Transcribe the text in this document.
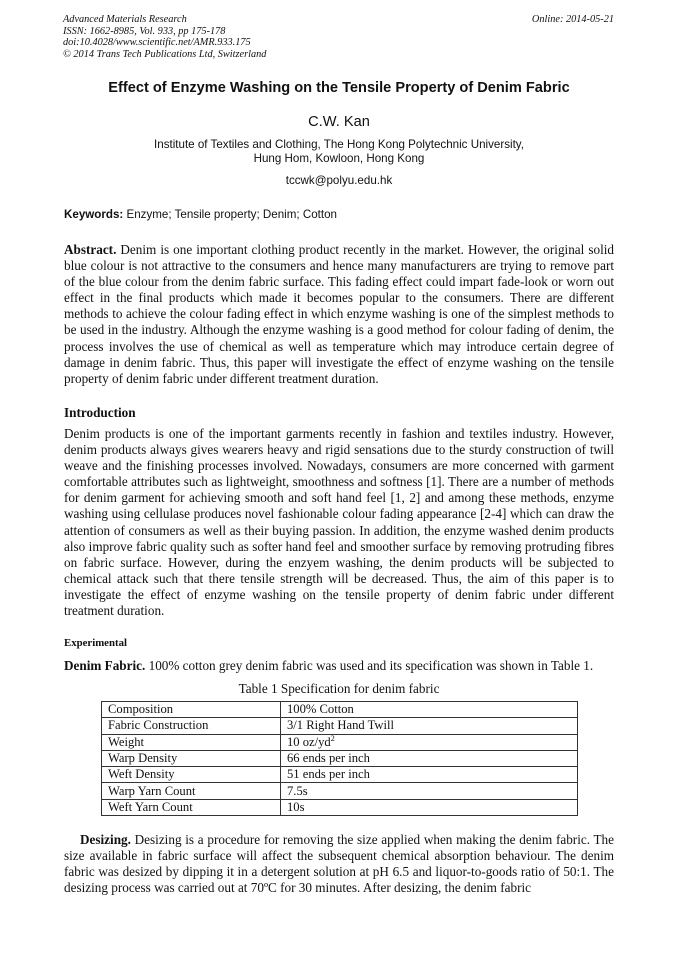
Advanced Materials Research
ISSN: 1662-8985, Vol. 933, pp 175-178
doi:10.4028/www.scientific.net/AMR.933.175
© 2014 Trans Tech Publications Ltd, Switzerland
Online: 2014-05-21
Effect of Enzyme Washing on the Tensile Property of Denim Fabric
C.W. Kan
Institute of Textiles and Clothing, The Hong Kong Polytechnic University,
Hung Hom, Kowloon, Hong Kong
tccwk@polyu.edu.hk
Keywords: Enzyme; Tensile property; Denim; Cotton
Abstract. Denim is one important clothing product recently in the market. However, the original solid blue colour is not attractive to the consumers and hence many manufacturers are trying to remove part of the blue colour from the denim fabric surface. This fading effect could impart fade-look or worn out effect in the final products which made it becomes popular to the consumers. There are different methods to achieve the colour fading effect in which enzyme washing is one of the simplest methods to be used in the industry. Although the enzyme washing is a good method for colour fading of denim, the process involves the use of chemical as well as temperature which may introduce certain degree of damage in denim fabric. Thus, this paper will investigate the effect of enzyme washing on the tensile property of denim fabric under different treatment duration.
Introduction
Denim products is one of the important garments recently in fashion and textiles industry. However, denim products always gives wearers heavy and rigid sensations due to the sturdy construction of twill weave and the finishing processes involved. Nowadays, consumers are more concerned with garment comfortable attributes such as lightweight, smoothness and softness [1]. There are a number of methods for denim garment for achieving smooth and soft hand feel [1, 2] and among these methods, enzyme washing using cellulase produces novel fashionable colour fading appearance [2-4] which can draw the attention of consumers as well as their buying passion. In addition, the enzyme washed denim products also improve fabric quality such as softer hand feel and smoother surface by removing protruding fibres on fabric surface. However, during the enzyem washing, the denim products will be subjected to chemical attack such that there tensile strength will be decreased. Thus, the aim of this paper is to investigate the effect of enzyme washing on the tensile property of denim fabric under different treatment duration.
Experimental
Denim Fabric. 100% cotton grey denim fabric was used and its specification was shown in Table 1.
Table 1 Specification for denim fabric
Composition	100% Cotton
Fabric Construction	3/1 Right Hand Twill
Weight	10 $oz/yd^2$
Warp Density	66 ends per inch
Weft Density	51 ends per inch
Warp Yarn Count	7.5s
Weft Yarn Count	10s
Desizing. Desizing is a procedure for removing the size applied when making the denim fabric. The size available in fabric surface will affect the subsequent chemical absorption behaviour. The denim fabric was desized by dipping it in a detergent solution at pH 6.5 and liquor-to-goods ratio of 50:1. The desizing process was carried out at 70ºC for 30 minutes. After desizing, the denim fabric
